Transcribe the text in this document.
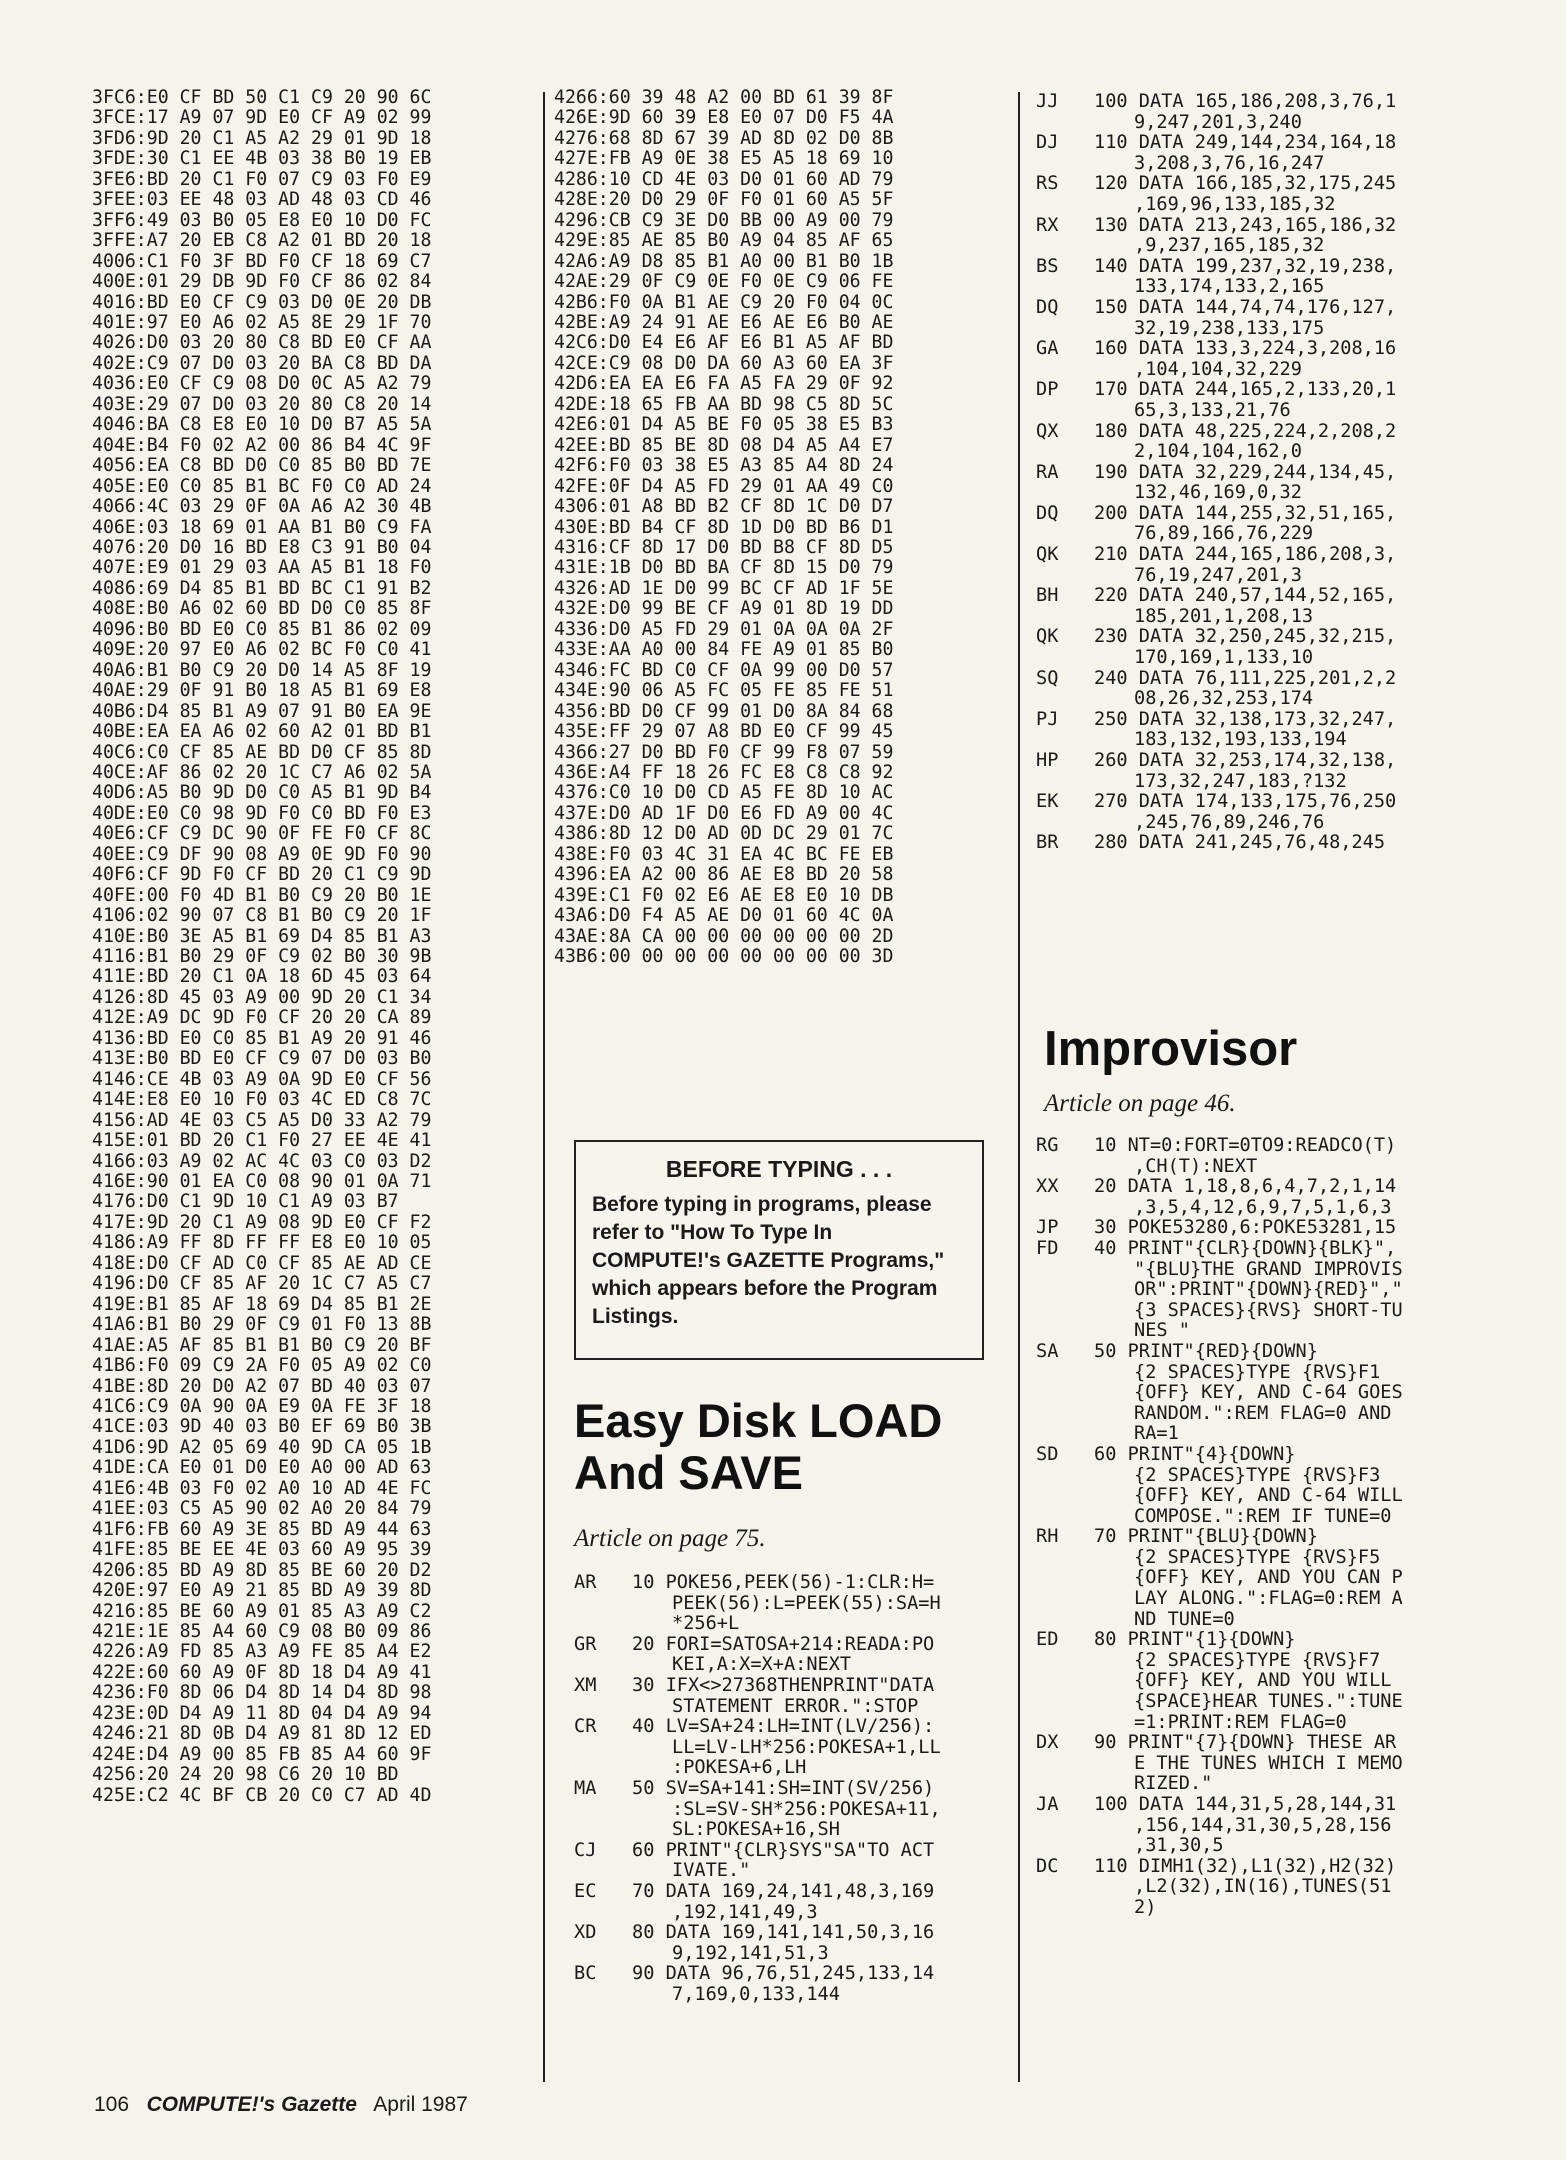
3FC6:E0 CF BD 50 C1 C9 20 90 6C
3FCE:17 A9 07 9D E0 CF A9 02 99
3FD6:9D 20 C1 A5 A2 29 01 9D 18
3FDE:30 C1 EE 4B 03 38 B0 19 EB
3FE6:BD 20 C1 F0 07 C9 03 F0 E9
3FEE:03 EE 48 03 AD 48 03 CD 46
3FF6:49 03 B0 05 E8 E0 10 D0 FC
3FFE:A7 20 EB C8 A2 01 BD 20 18
4006:C1 F0 3F BD F0 CF 18 69 C7
400E:01 29 DB 9D F0 CF 86 02 84
4016:BD E0 CF C9 03 D0 0E 20 DB
401E:97 E0 A6 02 A5 8E 29 1F 70
4026:D0 03 20 80 C8 BD E0 CF AA
402E:C9 07 D0 03 20 BA C8 BD DA
4036:E0 CF C9 08 D0 0C A5 A2 79
403E:29 07 D0 03 20 80 C8 20 14
4046:BA C8 E8 E0 10 D0 B7 A5 5A
404E:B4 F0 02 A2 00 86 B4 4C 9F
4056:EA C8 BD D0 C0 85 B0 BD 7E
405E:E0 C0 85 B1 BC F0 C0 AD 24
4066:4C 03 29 0F 0A A6 A2 30 4B
406E:03 18 69 01 AA B1 B0 C9 FA
4076:20 D0 16 BD E8 C3 91 B0 04
407E:E9 01 29 03 AA A5 B1 18 F0
4086:69 D4 85 B1 BD BC C1 91 B2
408E:B0 A6 02 60 BD D0 C0 85 8F
4096:B0 BD E0 C0 85 B1 86 02 09
409E:20 97 E0 A6 02 BC F0 C0 41
40A6:B1 B0 C9 20 D0 14 A5 8F 19
40AE:29 0F 91 B0 18 A5 B1 69 E8
40B6:D4 85 B1 A9 07 91 B0 EA 9E
40BE:EA EA A6 02 60 A2 01 BD B1
40C6:C0 CF 85 AE BD D0 CF 85 8D
40CE:AF 86 02 20 1C C7 A6 02 5A
40D6:A5 B0 9D D0 C0 A5 B1 9D B4
40DE:E0 C0 98 9D F0 C0 BD F0 E3
40E6:CF C9 DC 90 0F FE F0 CF 8C
40EE:C9 DF 90 08 A9 0E 9D F0 90
40F6:CF 9D F0 CF BD 20 C1 C9 9D
40FE:00 F0 4D B1 B0 C9 20 B0 1E
4106:02 90 07 C8 B1 B0 C9 20 1F
410E:B0 3E A5 B1 69 D4 85 B1 A3
4116:B1 B0 29 0F C9 02 B0 30 9B
411E:BD 20 C1 0A 18 6D 45 03 64
4126:8D 45 03 A9 00 9D 20 C1 34
412E:A9 DC 9D F0 CF 20 20 CA 89
4136:BD E0 C0 85 B1 A9 20 91 46
413E:B0 BD E0 CF C9 07 D0 03 B0
4146:CE 4B 03 A9 0A 9D E0 CF 56
414E:E8 E0 10 F0 03 4C ED C8 7C
4156:AD 4E 03 C5 A5 D0 33 A2 79
415E:01 BD 20 C1 F0 27 EE 4E 41
4166:03 A9 02 AC 4C 03 C0 03 D2
416E:90 01 EA C0 08 90 01 0A 71
4176:D0 C1 9D 10 C1 A9 03 B7
417E:9D 20 C1 A9 08 9D E0 CF F2
4186:A9 FF 8D FF FF E8 E0 10 05
418E:D0 CF AD C0 CF 85 AE AD CE
4196:D0 CF 85 AF 20 1C C7 A5 C7
419E:B1 85 AF 18 69 D4 85 B1 2E
41A6:B1 B0 29 0F C9 01 F0 13 8B
41AE:A5 AF 85 B1 B1 B0 C9 20 BF
41B6:F0 09 C9 2A F0 05 A9 02 C0
41BE:8D 20 D0 A2 07 BD 40 03 07
41C6:C9 0A 90 0A E9 0A FE 3F 18
41CE:03 9D 40 03 B0 EF 69 B0 3B
41D6:9D A2 05 69 40 9D CA 05 1B
41DE:CA E0 01 D0 E0 A0 00 AD 63
41E6:4B 03 F0 02 A0 10 AD 4E FC
41EE:03 C5 A5 90 02 A0 20 84 79
41F6:FB 60 A9 3E 85 BD A9 44 63
41FE:85 BE EE 4E 03 60 A9 95 39
4206:85 BD A9 8D 85 BE 60 20 D2
420E:97 E0 A9 21 85 BD A9 39 8D
4216:85 BE 60 A9 01 85 A3 A9 C2
421E:1E 85 A4 60 C9 08 B0 09 86
4226:A9 FD 85 A3 A9 FE 85 A4 E2
422E:60 60 A9 0F 8D 18 D4 A9 41
4236:F0 8D 06 D4 8D 14 D4 8D 98
423E:0D D4 A9 11 8D 04 D4 A9 94
4246:21 8D 0B D4 A9 81 8D 12 ED
424E:D4 A9 00 85 FB 85 A4 60 9F
4256:20 24 20 98 C6 20 10 BD
425E:C2 4C BF CB 20 C0 C7 AD 4D
4266:60 39 48 A2 00 BD 61 39 8F
426E:9D 60 39 E8 E0 07 D0 F5 4A
4276:68 8D 67 39 AD 8D 02 D0 8B
427E:FB A9 0E 38 E5 A5 18 69 10
4286:10 CD 4E 03 D0 01 60 AD 79
428E:20 D0 29 0F F0 01 60 A5 5F
4296:CB C9 3E D0 BB 00 A9 00 79
429E:85 AE 85 B0 A9 04 85 AF 65
42A6:A9 D8 85 B1 A0 00 B1 B0 1B
42AE:29 0F C9 0E F0 0E C9 06 FE
42B6:F0 0A B1 AE C9 20 F0 04 0C
42BE:A9 24 91 AE E6 AE E6 B0 AE
42C6:D0 E4 E6 AF E6 B1 A5 AF BD
42CE:C9 08 D0 DA 60 A3 60 EA 3F
42D6:EA EA E6 FA A5 FA 29 0F 92
42DE:18 65 FB AA BD 98 C5 8D 5C
42E6:01 D4 A5 BE F0 05 38 E5 B3
42EE:BD 85 BE 8D 08 D4 A5 A4 E7
42F6:F0 03 38 E5 A3 85 A4 8D 24
42FE:0F D4 A5 FD 29 01 AA 49 C0
4306:01 A8 BD B2 CF 8D 1C D0 D7
430E:BD B4 CF 8D 1D D0 BD B6 D1
4316:CF 8D 17 D0 BD B8 CF 8D D5
431E:1B D0 BD BA CF 8D 15 D0 79
4326:AD 1E D0 99 BC CF AD 1F 5E
432E:D0 99 BE CF A9 01 8D 19 DD
4336:D0 A5 FD 29 01 0A 0A 0A 2F
433E:AA A0 00 84 FE A9 01 85 B0
4346:FC BD C0 CF 0A 99 00 D0 57
434E:90 06 A5 FC 05 FE 85 FE 51
4356:BD D0 CF 99 01 D0 8A 84 68
435E:FF 29 07 A8 BD E0 CF 99 45
4366:27 D0 BD F0 CF 99 F8 07 59
436E:A4 FF 18 26 FC E8 C8 C8 92
4376:C0 10 D0 CD A5 FE 8D 10 AC
437E:D0 AD 1F D0 E6 FD A9 00 4C
4386:8D 12 D0 AD 0D DC 29 01 7C
438E:F0 03 4C 31 EA 4C BC FE EB
4396:EA A2 00 86 AE E8 BD 20 58
439E:C1 F0 02 E6 AE E8 E0 10 DB
43A6:D0 F4 A5 AE D0 01 60 4C 0A
43AE:8A CA 00 00 00 00 00 00 2D
43B6:00 00 00 00 00 00 00 00 3D
BEFORE TYPING . . .
Before typing in programs, please refer to "How To Type In COMPUTE!'s GAZETTE Programs," which appears before the Program Listings.
Easy Disk LOAD
And SAVE
Article on page 75.
AR	10 POKE56,PEEK(56)-1:CLR:H=
PEEK(56):L=PEEK(55):SA=H
*256+L
GR	20 FORI=SATOSA+214:READA:PO
KEI,A:X=X+A:NEXT
XM	30 IFX<>27368THENPRINT"DATA
STATEMENT ERROR.":STOP
CR	40 LV=SA+24:LH=INT(LV/256):
LL=LV-LH*256:POKESA+1,LL
:POKESA+6,LH
MA	50 SV=SA+141:SH=INT(SV/256)
:SL=SV-SH*256:POKESA+11,
SL:POKESA+16,SH
CJ	60 PRINT"{CLR}SYS"SA"TO ACT
IVATE."
EC	70 DATA 169,24,141,48,3,169
,192,141,49,3
XD	80 DATA 169,141,141,50,3,16
9,192,141,51,3
BC	90 DATA 96,76,51,245,133,14
7,169,0,133,144
JJ	100 DATA 165,186,208,3,76,1
9,247,201,3,240
DJ	110 DATA 249,144,234,164,18
3,208,3,76,16,247
RS	120 DATA 166,185,32,175,245
,169,96,133,185,32
RX	130 DATA 213,243,165,186,32
,9,237,165,185,32
BS	140 DATA 199,237,32,19,238,
133,174,133,2,165
DQ	150 DATA 144,74,74,176,127,
32,19,238,133,175
GA	160 DATA 133,3,224,3,208,16
,104,104,32,229
DP	170 DATA 244,165,2,133,20,1
65,3,133,21,76
QX	180 DATA 48,225,224,2,208,2
2,104,104,162,0
RA	190 DATA 32,229,244,134,45,
132,46,169,0,32
DQ	200 DATA 144,255,32,51,165,
76,89,166,76,229
QK	210 DATA 244,165,186,208,3,
76,19,247,201,3
BH	220 DATA 240,57,144,52,165,
185,201,1,208,13
QK	230 DATA 32,250,245,32,215,
170,169,1,133,10
SQ	240 DATA 76,111,225,201,2,2
08,26,32,253,174
PJ	250 DATA 32,138,173,32,247,
183,132,193,133,194
HP	260 DATA 32,253,174,32,138,
173,32,247,183,?132
EK	270 DATA 174,133,175,76,250
,245,76,89,246,76
BR	280 DATA 241,245,76,48,245
Improvisor
Article on page 46.
RG	10 NT=0:FORT=0TO9:READCO(T)
,CH(T):NEXT
XX	20 DATA 1,18,8,6,4,7,2,1,14
,3,5,4,12,6,9,7,5,1,6,3
JP	30 POKE53280,6:POKE53281,15
FD	40 PRINT"{CLR}{DOWN}{BLK}",
"{BLU}THE GRAND IMPROVIS
OR":PRINT"{DOWN}{RED}","
{3 SPACES}{RVS} SHORT-TU
NES "
SA	50 PRINT"{RED}{DOWN}
{2 SPACES}TYPE {RVS}F1
{OFF} KEY, AND C-64 GOES
RANDOM.":REM FLAG=0 AND
RA=1
SD	60 PRINT"{4}{DOWN}
{2 SPACES}TYPE {RVS}F3
{OFF} KEY, AND C-64 WILL
COMPOSE.":REM IF TUNE=0
RH	70 PRINT"{BLU}{DOWN}
{2 SPACES}TYPE {RVS}F5
{OFF} KEY, AND YOU CAN P
LAY ALONG.":FLAG=0:REM A
ND TUNE=0
ED	80 PRINT"{1}{DOWN}
{2 SPACES}TYPE {RVS}F7
{OFF} KEY, AND YOU WILL
{SPACE}HEAR TUNES.":TUNE
=1:PRINT:REM FLAG=0
DX	90 PRINT"{7}{DOWN} THESE AR
E THE TUNES WHICH I MEMO
RIZED."
JA	100 DATA 144,31,5,28,144,31
,156,144,31,30,5,28,156
,31,30,5
DC	110 DIMH1(32),L1(32),H2(32)
,L2(32),IN(16),TUNES(51
2)
106 COMPUTE!'s Gazette April 1987
